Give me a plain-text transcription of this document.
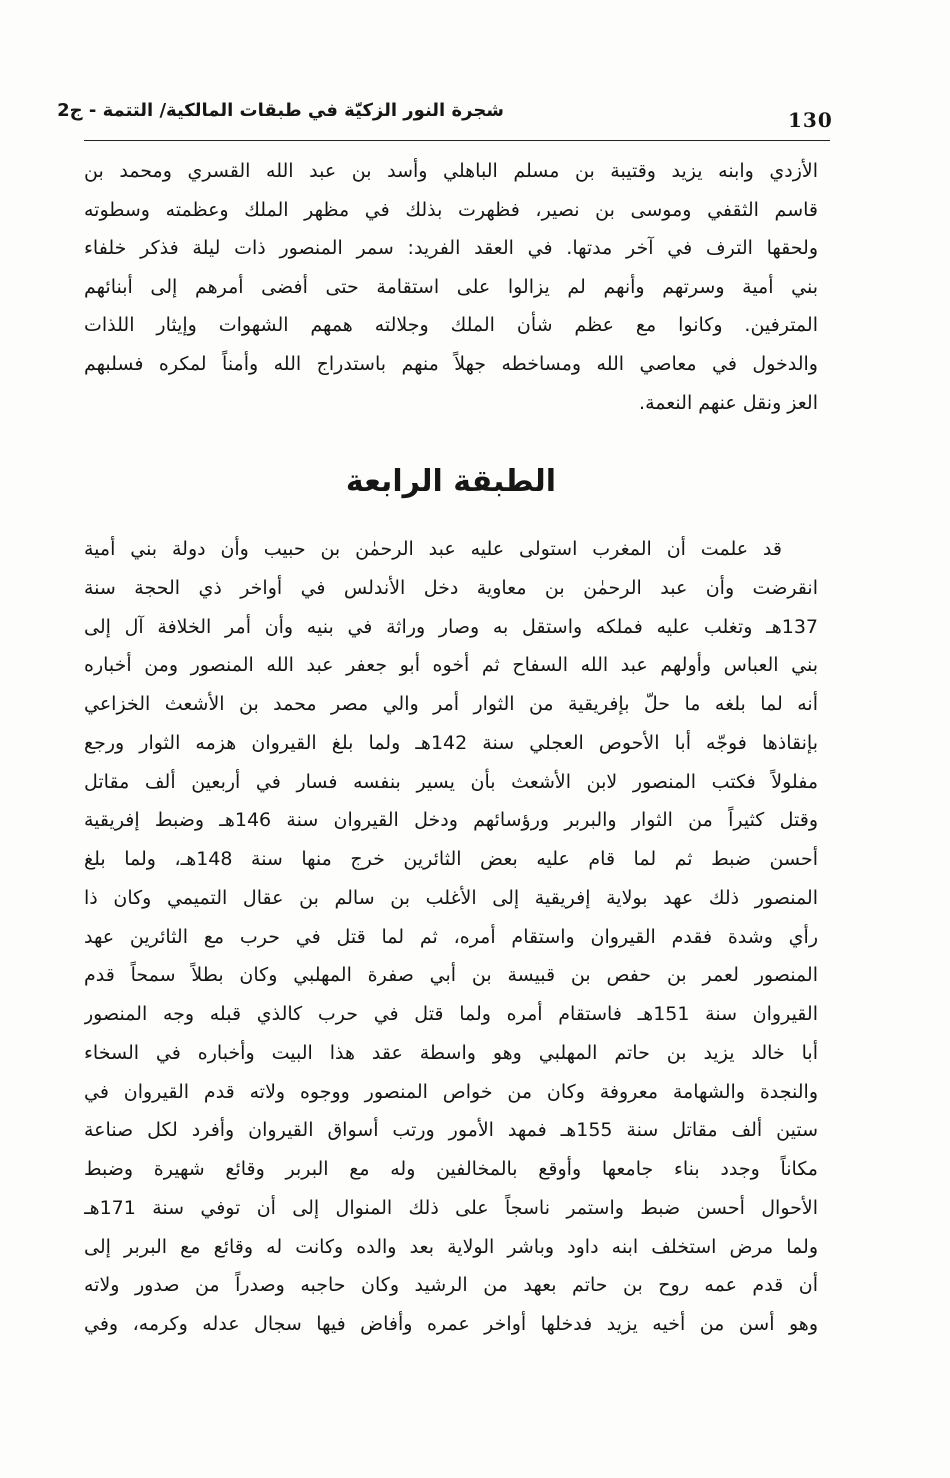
130
شجرة النور الزكيّة في طبقات المالكية/ التتمة - ج2
الأزدي وابنه يزيد وقتيبة بن مسلم الباهلي وأسد بن عبد الله القسري ومحمد بن
قاسم الثقفي وموسى بن نصير، فظهرت بذلك في مظهر الملك وعظمته وسطوته
ولحقها الترف في آخر مدتها. في العقد الفريد: سمر المنصور ذات ليلة فذكر خلفاء
بني أمية وسرتهم وأنهم لم يزالوا على استقامة حتى أفضى أمرهم إلى أبنائهم
المترفين. وكانوا مع عظم شأن الملك وجلالته همهم الشهوات وإيثار اللذات
والدخول في معاصي الله ومساخطه جهلاً منهم باستدراج الله وأمناً لمكره فسلبهم
العز ونقل عنهم النعمة.
الطبقة الرابعة
قد علمت أن المغرب استولى عليه عبد الرحمٰن بن حبيب وأن دولة بني أمية
انقرضت وأن عبد الرحمٰن بن معاوية دخل الأندلس في أواخر ذي الحجة سنة
137هـ وتغلب عليه فملكه واستقل به وصار وراثة في بنيه وأن أمر الخلافة آل إلى
بني العباس وأولهم عبد الله السفاح ثم أخوه أبو جعفر عبد الله المنصور ومن أخباره
أنه لما بلغه ما حلّ بإفريقية من الثوار أمر والي مصر محمد بن الأشعث الخزاعي
بإنقاذها فوجّه أبا الأحوص العجلي سنة 142هـ ولما بلغ القيروان هزمه الثوار ورجع
مفلولاً فكتب المنصور لابن الأشعث بأن يسير بنفسه فسار في أربعين ألف مقاتل
وقتل كثيراً من الثوار والبربر ورؤسائهم ودخل القيروان سنة 146هـ وضبط إفريقية
أحسن ضبط ثم لما قام عليه بعض الثائرين خرج منها سنة 148هـ، ولما بلغ
المنصور ذلك عهد بولاية إفريقية إلى الأغلب بن سالم بن عقال التميمي وكان ذا
رأي وشدة فقدم القيروان واستقام أمره، ثم لما قتل في حرب مع الثائرين عهد
المنصور لعمر بن حفص بن قبيسة بن أبي صفرة المهلبي وكان بطلاً سمحاً قدم
القيروان سنة 151هـ فاستقام أمره ولما قتل في حرب كالذي قبله وجه المنصور
أبا خالد يزيد بن حاتم المهلبي وهو واسطة عقد هذا البيت وأخباره في السخاء
والنجدة والشهامة معروفة وكان من خواص المنصور ووجوه ولاته قدم القيروان في
ستين ألف مقاتل سنة 155هـ فمهد الأمور ورتب أسواق القيروان وأفرد لكل صناعة
مكاناً وجدد بناء جامعها وأوقع بالمخالفين وله مع البربر وقائع شهيرة وضبط
الأحوال أحسن ضبط واستمر ناسجاً على ذلك المنوال إلى أن توفي سنة 171هـ
ولما مرض استخلف ابنه داود وباشر الولاية بعد والده وكانت له وقائع مع البربر إلى
أن قدم عمه روح بن حاتم بعهد من الرشيد وكان حاجبه وصدراً من صدور ولاته
وهو أسن من أخيه يزيد فدخلها أواخر عمره وأفاض فيها سجال عدله وكرمه، وفي
